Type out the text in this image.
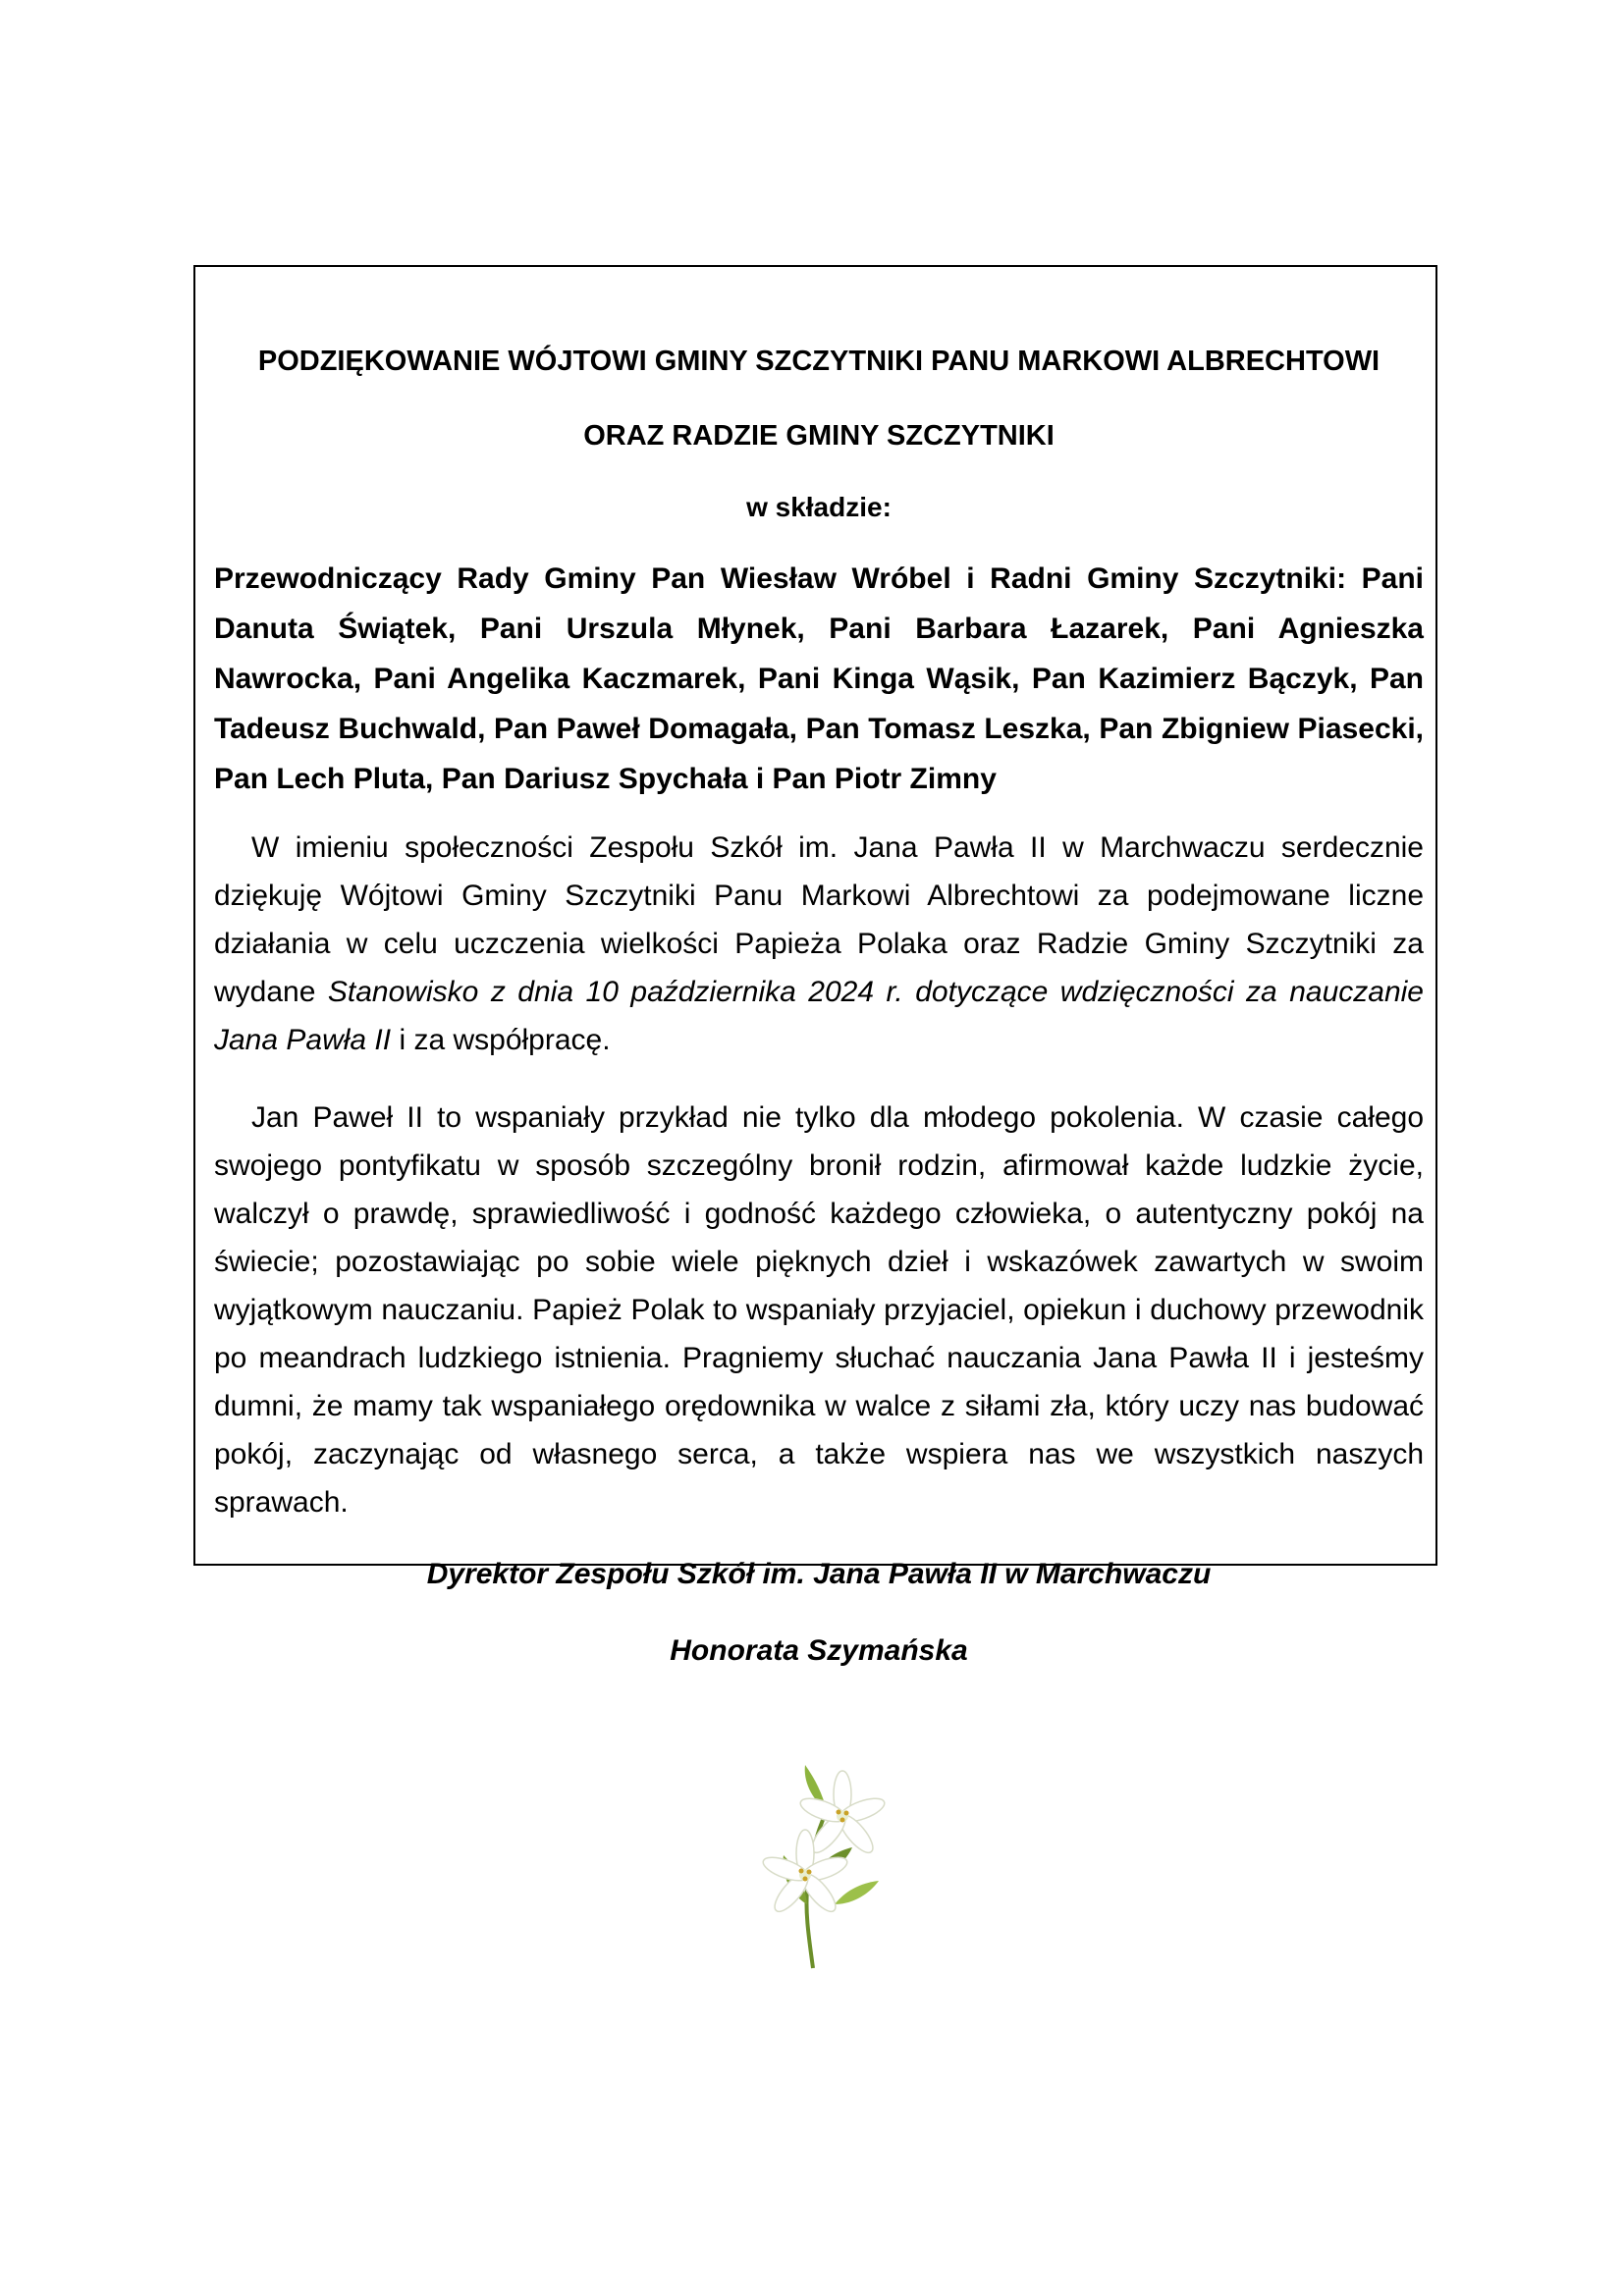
PODZIĘKOWANIE WÓJTOWI GMINY SZCZYTNIKI PANU MARKOWI ALBRECHTOWI

ORAZ RADZIE GMINY SZCZYTNIKI

w składzie:

Przewodniczący Rady Gminy Pan Wiesław Wróbel i Radni Gminy Szczytniki: Pani Danuta Świątek, Pani Urszula Młynek, Pani Barbara Łazarek, Pani Agnieszka Nawrocka, Pani Angelika Kaczmarek, Pani Kinga Wąsik, Pan Kazimierz Bączyk, Pan Tadeusz Buchwald, Pan Paweł Domagała, Pan Tomasz Leszka, Pan Zbigniew Piasecki, Pan Lech Pluta, Pan Dariusz Spychała i Pan Piotr Zimny

W imieniu społeczności Zespołu Szkół im. Jana Pawła II w Marchwaczu serdecznie dziękuję Wójtowi Gminy Szczytniki Panu Markowi Albrechtowi za podejmowane liczne działania w celu uczczenia wielkości Papieża Polaka oraz Radzie Gminy Szczytniki za wydane Stanowisko z dnia 10 października 2024 r. dotyczące wdzięczności za nauczanie Jana Pawła II i za współpracę.

Jan Paweł II to wspaniały przykład nie tylko dla młodego pokolenia. W czasie całego swojego pontyfikatu w sposób szczególny bronił rodzin, afirmował każde ludzkie życie, walczył o prawdę, sprawiedliwość i godność każdego człowieka, o autentyczny pokój na świecie; pozostawiając po sobie wiele pięknych dzieł i wskazówek zawartych w swoim wyjątkowym nauczaniu. Papież Polak to wspaniały przyjaciel, opiekun i duchowy przewodnik po meandrach ludzkiego istnienia. Pragniemy słuchać nauczania Jana Pawła II i jesteśmy dumni, że mamy tak wspaniałego orędownika w walce z siłami zła, który uczy nas budować pokój, zaczynając od własnego serca, a także wspiera nas we wszystkich naszych sprawach.

Dyrektor Zespołu Szkół im. Jana Pawła II w Marchwaczu

Honorata Szymańska
